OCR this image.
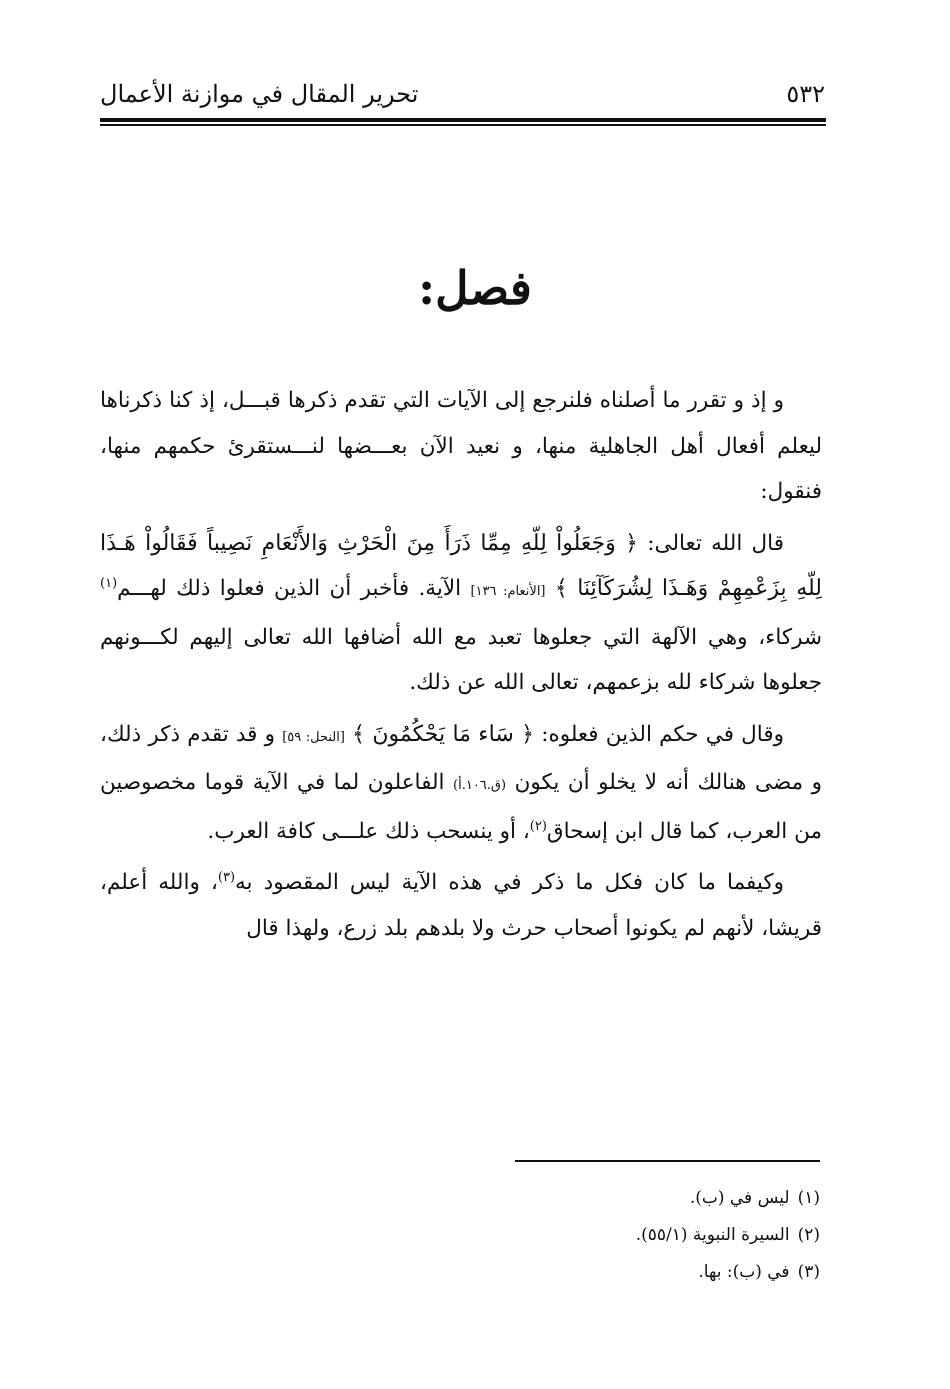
تحرير المقال في موازنة الأعمال	٥٣٢
فصل:

و إذ و تقرر ما أصلناه فلنرجع إلى الآيات التي تقدم ذكرها قبـــل، إذ كنا ذكرناها ليعلم أفعال أهل الجاهلية منها، و نعيد الآن بعـــضها لنـــستقرئ حكمهم منها، فنقول:

قال الله تعالى: ﴿ وَجَعَلُواْ لِلّهِ مِمِّا ذَرَأَ مِنَ الْحَرْثِ وَالأَنْعَامِ نَصِيباً فَقَالُواْ هَـذَا لِلّهِ بِزَعْمِهِمْ وَهَـذَا لِشُرَكَآئِنَا ﴾ [الأنعام: ١٣٦] الآية. فأخبر أن الذين فعلوا ذلك لهـــم$^{(١)}$ شركاء، وهي الآلهة التي جعلوها تعبد مع الله أضافها الله تعالى إليهم لكـــونهم جعلوها شركاء لله بزعمهم، تعالى الله عن ذلك.

وقال في حكم الذين فعلوه: ﴿ سَاء مَا يَحْكُمُونَ ﴾ [النحل: ٥٩] و قد تقدم ذكر ذلك، و مضى هنالك أنه لا يخلو أن يكون (ق.١٠٦.أ) الفاعلون لما في الآية قوما مخصوصين من العرب، كما قال ابن إسحاق$^{(٢)}$، أو ينسحب ذلك علـــى كافة العرب.

وكيفما ما كان فكل ما ذكر في هذه الآية ليس المقصود به$^{(٣)}$، والله أعلم، قريشا، لأنهم لم يكونوا أصحاب حرث ولا بلدهم بلد زرع، ولهذا قال

(١)ليس في (ب).
(٢)السيرة النبوية (٥٥/١).
(٣)في (ب): بها.
